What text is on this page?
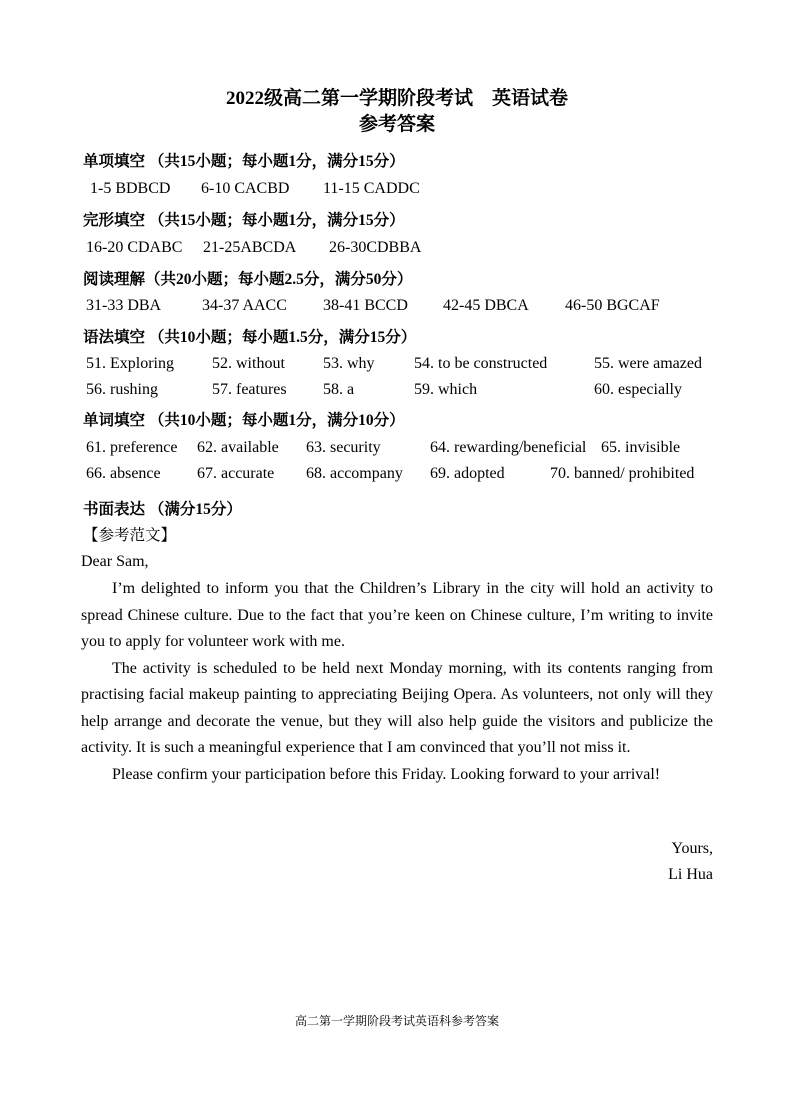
2022级高二第一学期阶段考试　英语试卷
参考答案
单项填空 （共15小题；每小题1分，满分15分）
1-5 BDBCD 6-10 CACBD 11-15 CADDC
完形填空 （共15小题；每小题1分，满分15分）
16-20 CDABC 21-25ABCDA 26-30CDBBA
阅读理解（共20小题；每小题2.5分，满分50分）
31-33 DBA	34-37 AACC 38-41 BCCD 42-45 DBCA 46-50 BGCAF
语法填空 （共10小题；每小题1.5分，满分15分）
51. Exploring 52. without 53. why 54. to be constructed	55. were amazed
56. rushing	57. features 58. a	59. which	60. especially
单词填空 （共10小题；每小题1分，满分10分）
61. preference 62. available 63. security	64. rewarding/beneficial 65. invisible
66. absence 67. accurate 68. accompany 69. adopted	70. banned/ prohibited
书面表达 （满分15分）
【参考范文】
Dear Sam,

I’m delighted to inform you that the Children’s Library in the city will hold an activity to spread Chinese culture. Due to the fact that you’re keen on Chinese culture, I’m writing to invite you to apply for volunteer work with me.

The activity is scheduled to be held next Monday morning, with its contents ranging from practising facial makeup painting to appreciating Beijing Opera. As volunteers, not only will they help arrange and decorate the venue, but they will also help guide the visitors and publicize the activity. It is such a meaningful experience that I am convinced that you’ll not miss it.

Please confirm your participation before this Friday. Looking forward to your arrival!

Yours,
Li Hua
高二第一学期阶段考试英语科参考答案
